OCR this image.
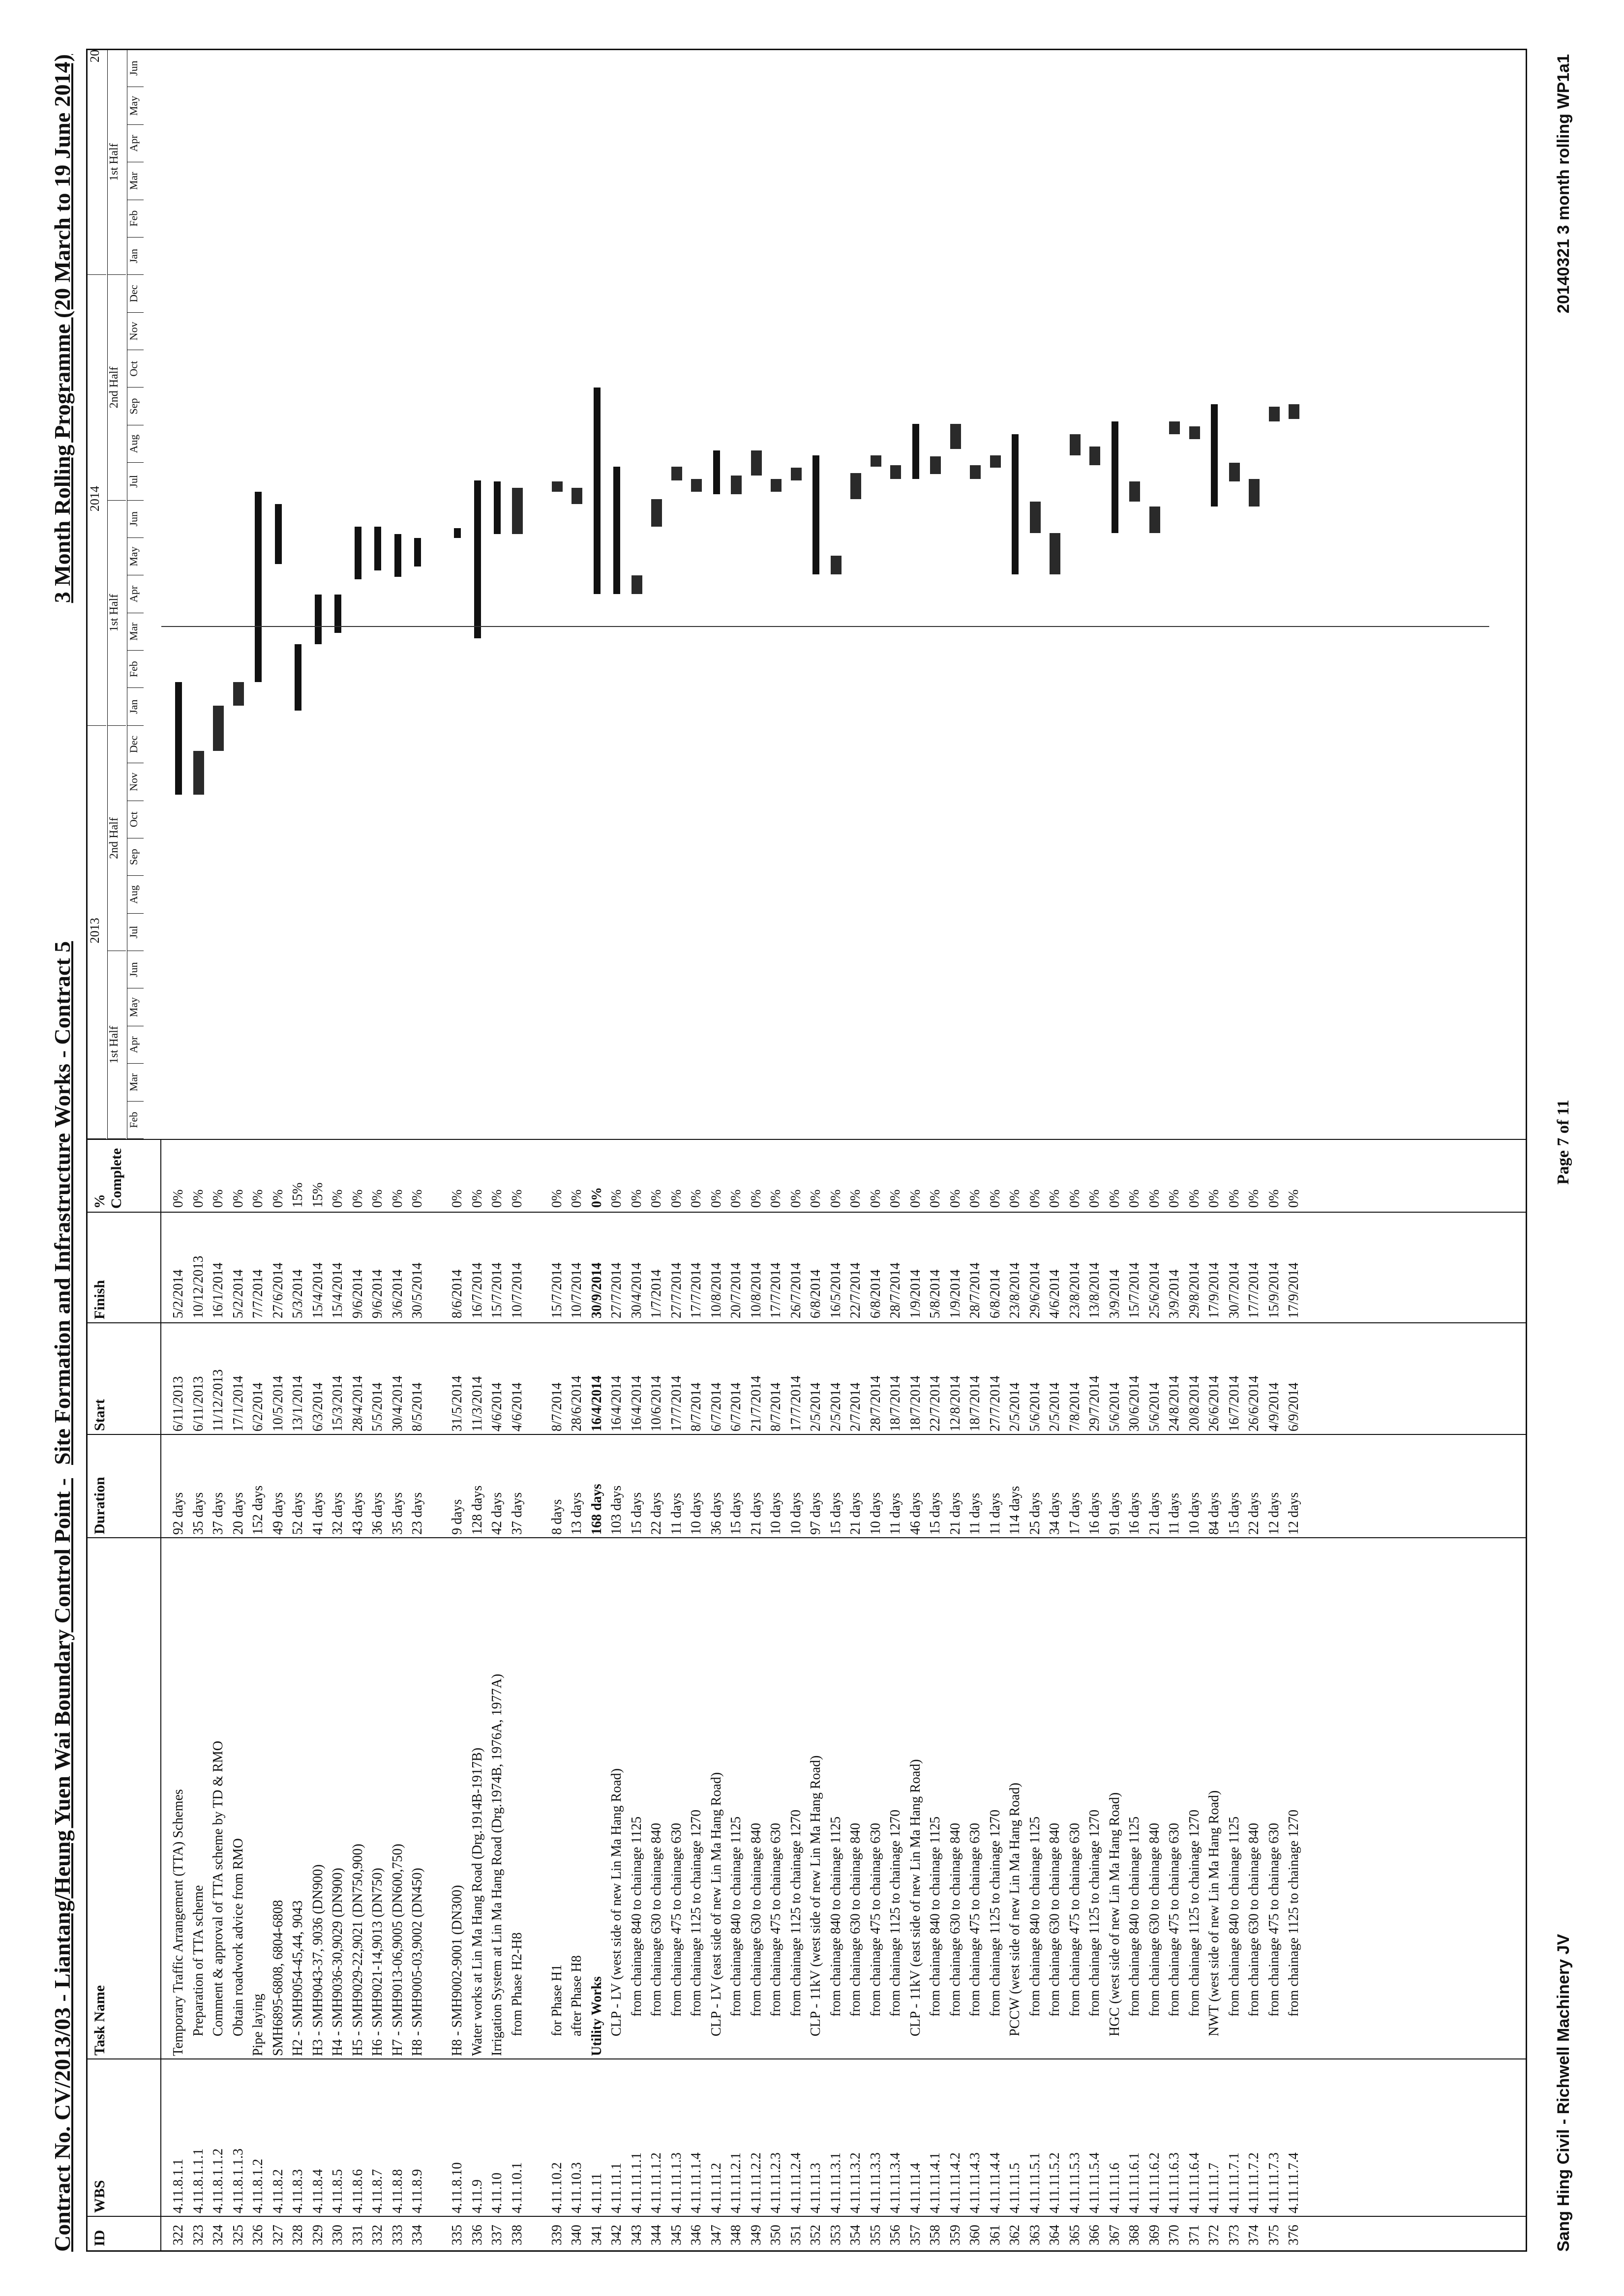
Contract No. CV/2013/03 - Liantang/Heung Yuen Wai Boundary Control Point -
Site Formation and Infrastructure Works - Contract 5
3 Month Rolling Programme (20 March to 19 June 2014)
ID
WBS
Task Name
Duration
Start
Finish
% Complete
Feb
Mar
Apr
May
Jun
Jul
Aug
Sep
Oct
Nov
Dec
Jan
Feb
Mar
Apr
May
Jun
Jul
Aug
Sep
Oct
Nov
Dec
Jan
Feb
Mar
Apr
May
Jun
1st Half
2nd Half
1st Half
2nd Half
1st Half
2013
2014
20
322
4.11.8.1.1
Temporary Traffic Arrangement (TTA) Schemes
92 days
6/11/2013
5/2/2014
0%
323
4.11.8.1.1.1
Preparation of TTA scheme
35 days
6/11/2013
10/12/2013
0%
324
4.11.8.1.1.2
Comment & approval of TTA scheme by TD & RMO
37 days
11/12/2013
16/1/2014
0%
325
4.11.8.1.1.3
Obtain roadwork advice from RMO
20 days
17/1/2014
5/2/2014
0%
326
4.11.8.1.2
Pipe laying
152 days
6/2/2014
7/7/2014
0%
327
4.11.8.2
SMH6895-6808, 6804-6808
49 days
10/5/2014
27/6/2014
0%
328
4.11.8.3
H2 - SMH9054-45,44, 9043
52 days
13/1/2014
5/3/2014
15%
329
4.11.8.4
H3 - SMH9043-37, 9036 (DN900)
41 days
6/3/2014
15/4/2014
15%
330
4.11.8.5
H4 - SMH9036-30,9029 (DN900)
32 days
15/3/2014
15/4/2014
0%
331
4.11.8.6
H5 - SMH9029-22,9021 (DN750,900)
43 days
28/4/2014
9/6/2014
0%
332
4.11.8.7
H6 - SMH9021-14,9013 (DN750)
36 days
5/5/2014
9/6/2014
0%
333
4.11.8.8
H7 - SMH9013-06,9005 (DN600,750)
35 days
30/4/2014
3/6/2014
0%
334
4.11.8.9
H8 - SMH9005-03,9002 (DN450)
23 days
8/5/2014
30/5/2014
0%
335
4.11.8.10
H8 - SMH9002-9001 (DN300)
9 days
31/5/2014
8/6/2014
0%
336
4.11.9
Water works at Lin Ma Hang Road (Drg.1914B-1917B)
128 days
11/3/2014
16/7/2014
0%
337
4.11.10
Irrigation System at Lin Ma Hang Road (Drg.1974B, 1976A, 1977A)
42 days
4/6/2014
15/7/2014
0%
338
4.11.10.1
from Phase H2-H8
37 days
4/6/2014
10/7/2014
0%
339
4.11.10.2
for Phase H1
8 days
8/7/2014
15/7/2014
0%
340
4.11.10.3
after Phase H8
13 days
28/6/2014
10/7/2014
0%
341
4.11.11
Utility Works
168 days
16/4/2014
30/9/2014
0%
342
4.11.11.1
CLP - LV (west side of new Lin Ma Hang Road)
103 days
16/4/2014
27/7/2014
0%
343
4.11.11.1.1
from chainage 840 to chainage 1125
15 days
16/4/2014
30/4/2014
0%
344
4.11.11.1.2
from chainage 630 to chainage 840
22 days
10/6/2014
1/7/2014
0%
345
4.11.11.1.3
from chainage 475 to chainage 630
11 days
17/7/2014
27/7/2014
0%
346
4.11.11.1.4
from chainage 1125 to chainage 1270
10 days
8/7/2014
17/7/2014
0%
347
4.11.11.2
CLP - LV (east side of new Lin Ma Hang Road)
36 days
6/7/2014
10/8/2014
0%
348
4.11.11.2.1
from chainage 840 to chainage 1125
15 days
6/7/2014
20/7/2014
0%
349
4.11.11.2.2
from chainage 630 to chainage 840
21 days
21/7/2014
10/8/2014
0%
350
4.11.11.2.3
from chainage 475 to chainage 630
10 days
8/7/2014
17/7/2014
0%
351
4.11.11.2.4
from chainage 1125 to chainage 1270
10 days
17/7/2014
26/7/2014
0%
352
4.11.11.3
CLP - 11kV (west side of new Lin Ma Hang Road)
97 days
2/5/2014
6/8/2014
0%
353
4.11.11.3.1
from chainage 840 to chainage 1125
15 days
2/5/2014
16/5/2014
0%
354
4.11.11.3.2
from chainage 630 to chainage 840
21 days
2/7/2014
22/7/2014
0%
355
4.11.11.3.3
from chainage 475 to chainage 630
10 days
28/7/2014
6/8/2014
0%
356
4.11.11.3.4
from chainage 1125 to chainage 1270
11 days
18/7/2014
28/7/2014
0%
357
4.11.11.4
CLP - 11kV (east side of new Lin Ma Hang Road)
46 days
18/7/2014
1/9/2014
0%
358
4.11.11.4.1
from chainage 840 to chainage 1125
15 days
22/7/2014
5/8/2014
0%
359
4.11.11.4.2
from chainage 630 to chainage 840
21 days
12/8/2014
1/9/2014
0%
360
4.11.11.4.3
from chainage 475 to chainage 630
11 days
18/7/2014
28/7/2014
0%
361
4.11.11.4.4
from chainage 1125 to chainage 1270
11 days
27/7/2014
6/8/2014
0%
362
4.11.11.5
PCCW (west side of new Lin Ma Hang Road)
114 days
2/5/2014
23/8/2014
0%
363
4.11.11.5.1
from chainage 840 to chainage 1125
25 days
5/6/2014
29/6/2014
0%
364
4.11.11.5.2
from chainage 630 to chainage 840
34 days
2/5/2014
4/6/2014
0%
365
4.11.11.5.3
from chainage 475 to chainage 630
17 days
7/8/2014
23/8/2014
0%
366
4.11.11.5.4
from chainage 1125 to chainage 1270
16 days
29/7/2014
13/8/2014
0%
367
4.11.11.6
HGC (west side of new Lin Ma Hang Road)
91 days
5/6/2014
3/9/2014
0%
368
4.11.11.6.1
from chainage 840 to chainage 1125
16 days
30/6/2014
15/7/2014
0%
369
4.11.11.6.2
from chainage 630 to chainage 840
21 days
5/6/2014
25/6/2014
0%
370
4.11.11.6.3
from chainage 475 to chainage 630
11 days
24/8/2014
3/9/2014
0%
371
4.11.11.6.4
from chainage 1125 to chainage 1270
10 days
20/8/2014
29/8/2014
0%
372
4.11.11.7
NWT (west side of new Lin Ma Hang Road)
84 days
26/6/2014
17/9/2014
0%
373
4.11.11.7.1
from chainage 840 to chainage 1125
15 days
16/7/2014
30/7/2014
0%
374
4.11.11.7.2
from chainage 630 to chainage 840
22 days
26/6/2014
17/7/2014
0%
375
4.11.11.7.3
from chainage 475 to chainage 630
12 days
4/9/2014
15/9/2014
0%
376
4.11.11.7.4
from chainage 1125 to chainage 1270
12 days
6/9/2014
17/9/2014
0%
Sang Hing Civil - Richwell Machinery JV
Page 7 of 11
20140321 3 month rolling WP1a1
